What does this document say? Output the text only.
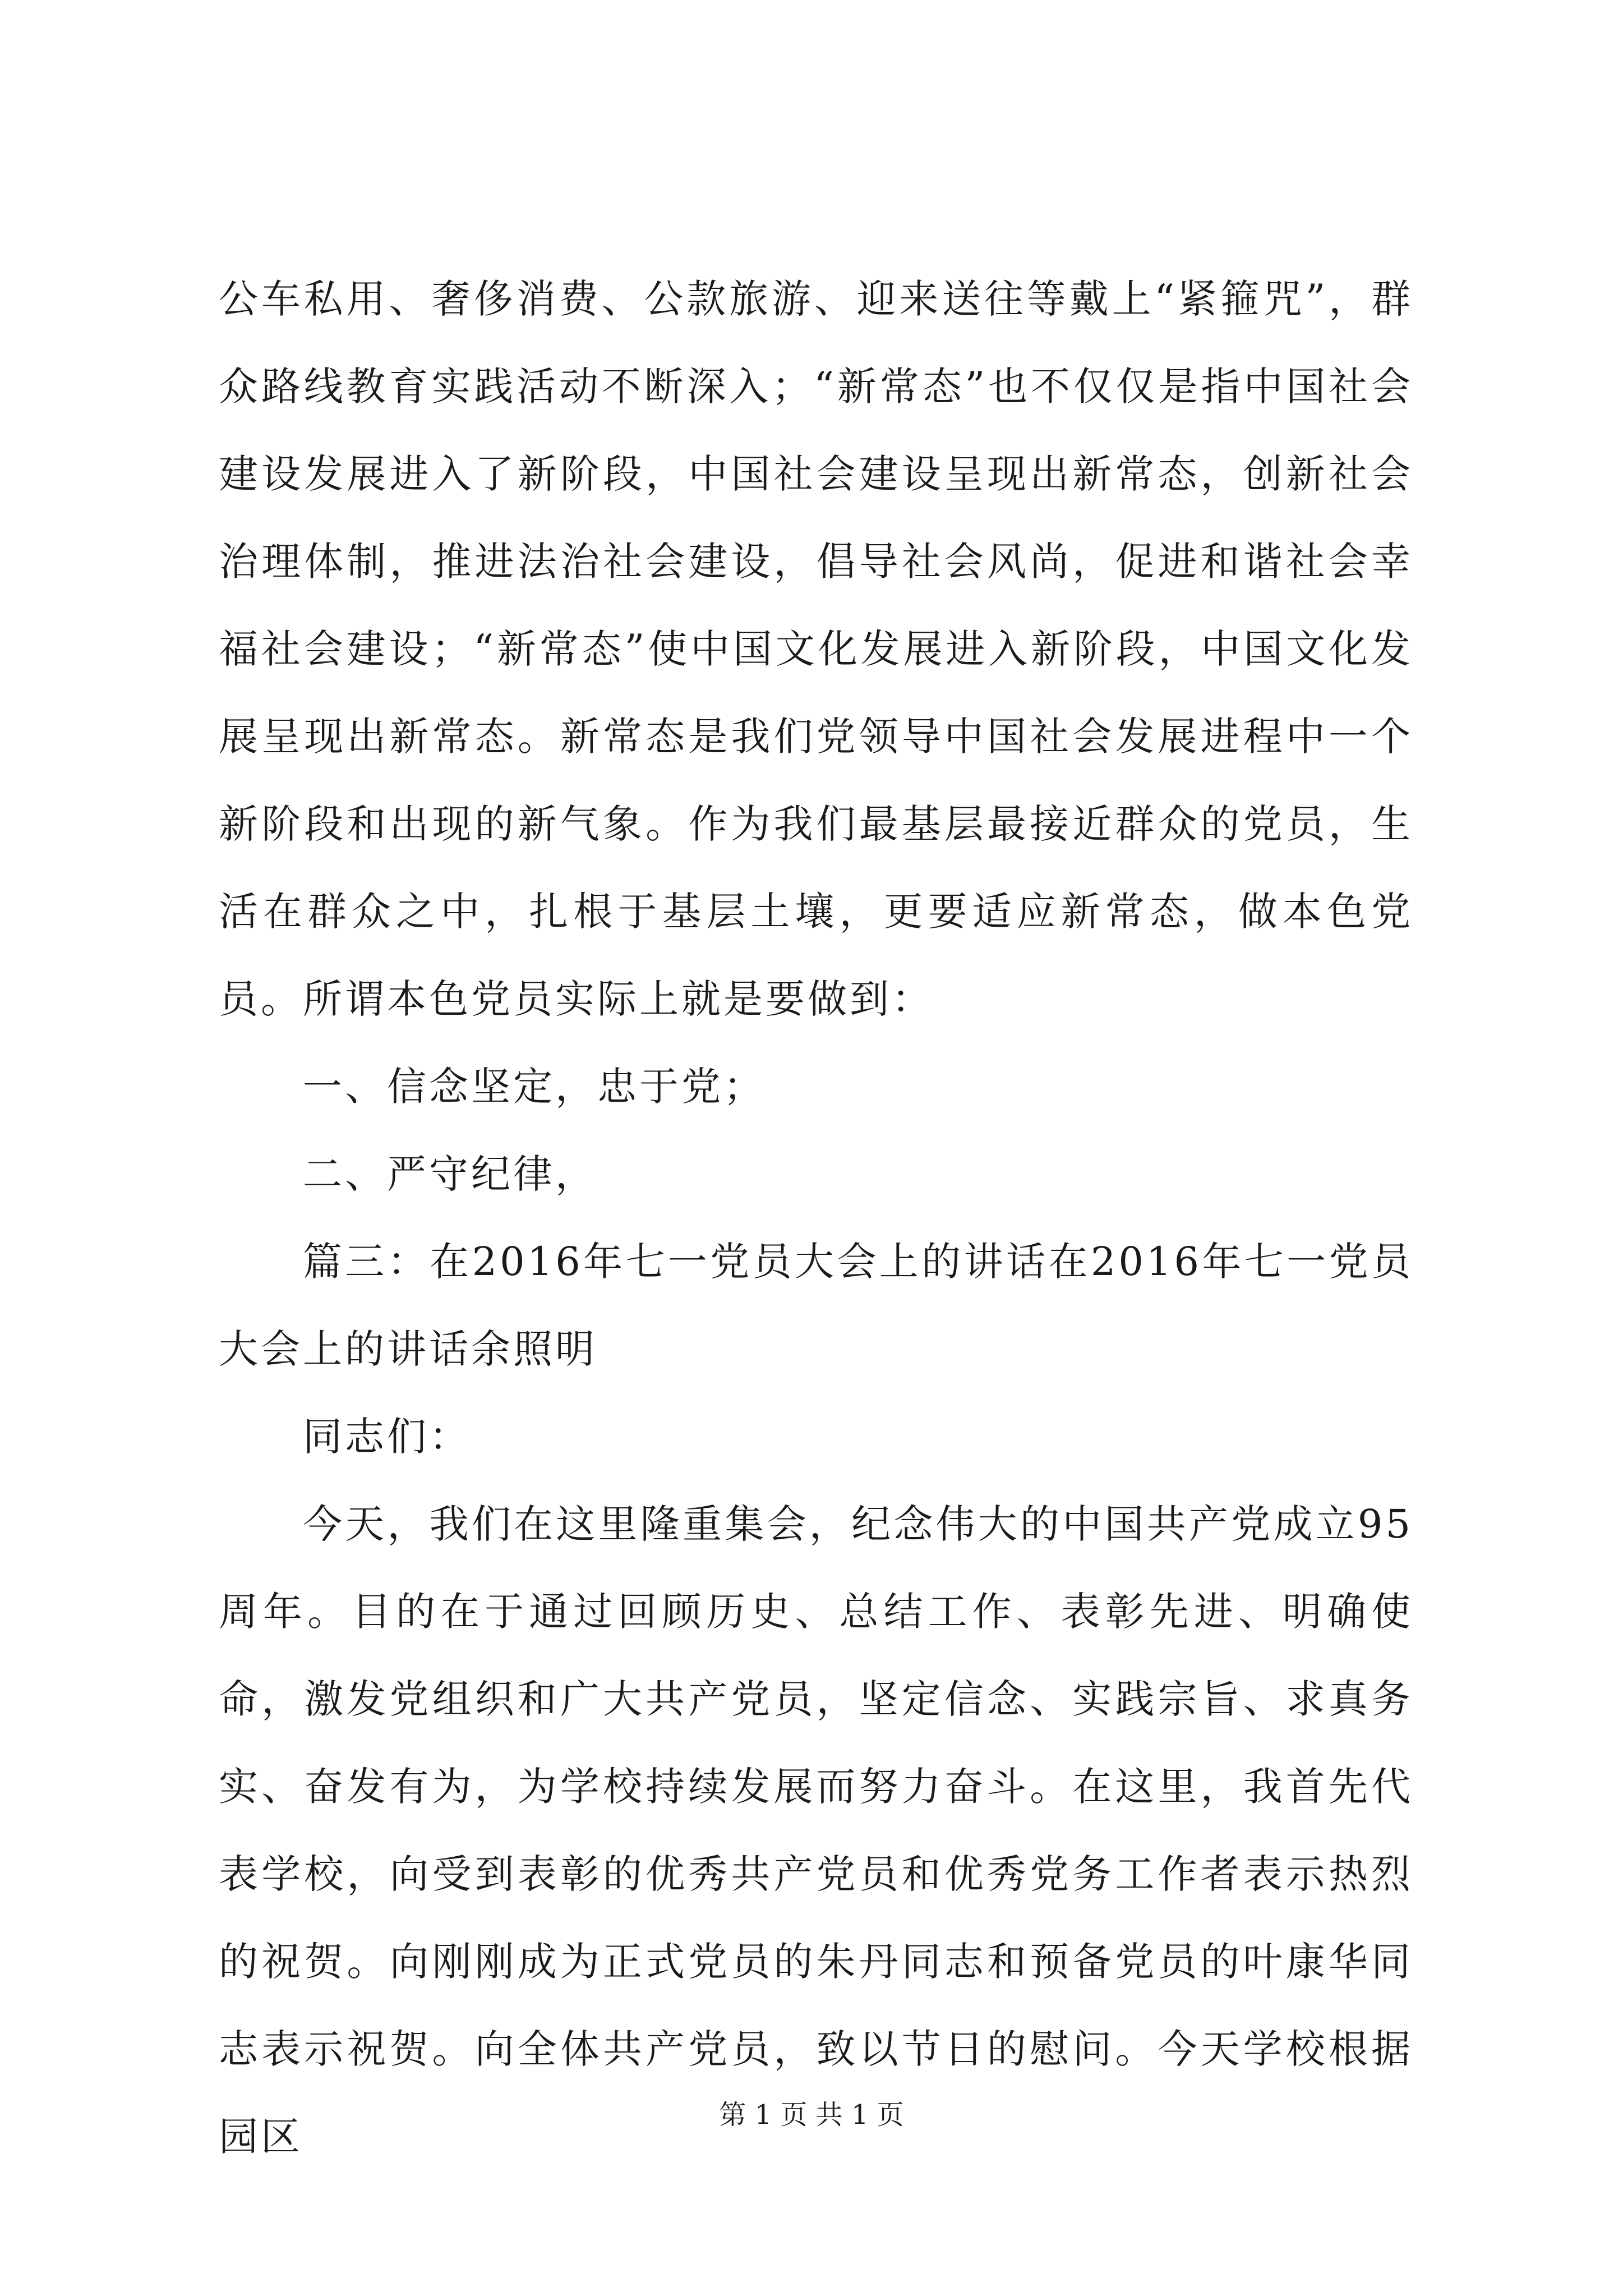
公车私用、奢侈消费、公款旅游、迎来送往等戴上“紧箍咒”，群众路线教育实践活动不断深入；“新常态”也不仅仅是指中国社会建设发展进入了新阶段，中国社会建设呈现出新常态，创新社会治理体制，推进法治社会建设，倡导社会风尚，促进和谐社会幸福社会建设；“新常态”使中国文化发展进入新阶段，中国文化发展呈现出新常态。新常态是我们党领导中国社会发展进程中一个新阶段和出现的新气象。作为我们最基层最接近群众的党员，生活在群众之中，扎根于基层土壤，更要适应新常态，做本色党员。所谓本色党员实际上就是要做到：

一、信念坚定，忠于党；

二、严守纪律，

篇三：在2016年七一党员大会上的讲话在2016年七一党员大会上的讲话余照明

同志们：

今天，我们在这里隆重集会，纪念伟大的中国共产党成立95周年。目的在于通过回顾历史、总结工作、表彰先进、明确使命，激发党组织和广大共产党员，坚定信念、实践宗旨、求真务实、奋发有为，为学校持续发展而努力奋斗。在这里，我首先代表学校，向受到表彰的优秀共产党员和优秀党务工作者表示热烈的祝贺。向刚刚成为正式党员的朱丹同志和预备党员的叶康华同志表示祝贺。向全体共产党员，致以节日的慰问。今天学校根据园区	第 1 页 共 1 页
